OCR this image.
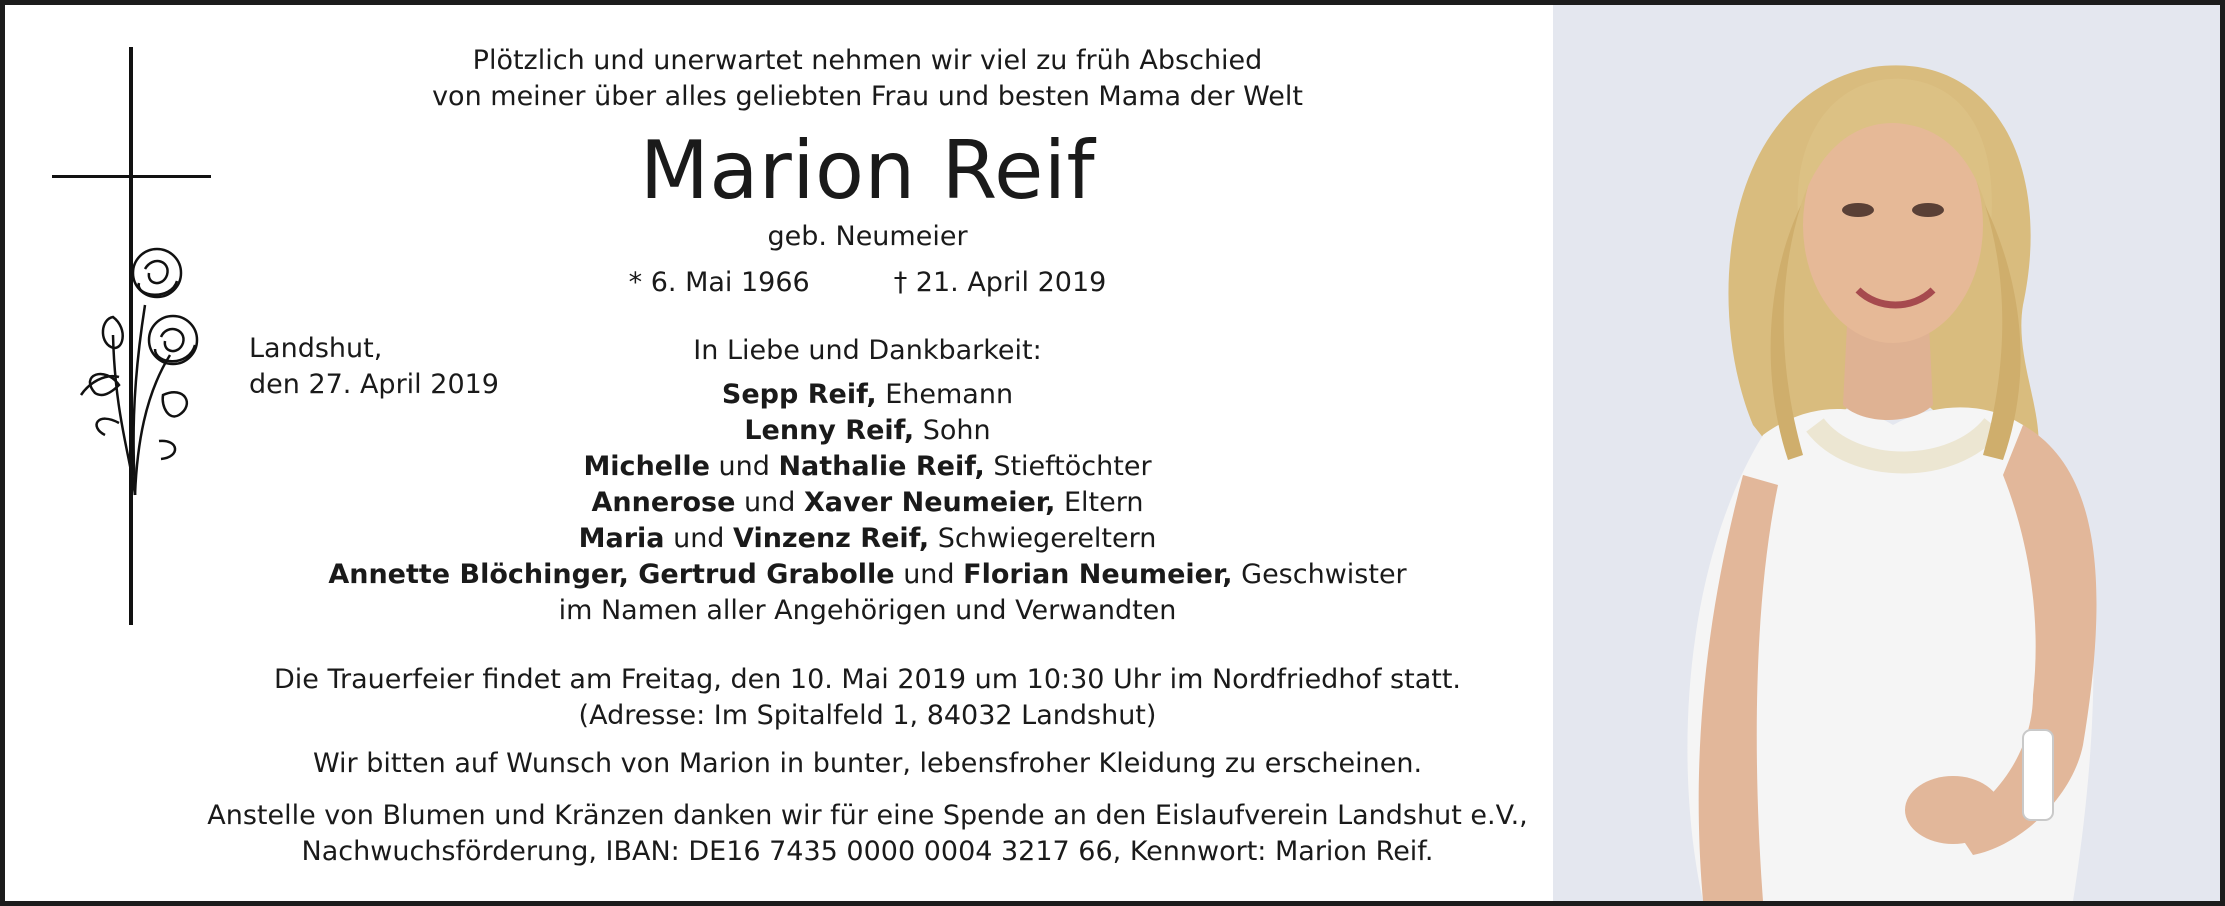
Plötzlich und unerwartet nehmen wir viel zu früh Abschied
von meiner über alles geliebten Frau und besten Mama der Welt
Marion Reif
geb. Neumeier
* 6. Mai 1966	† 21. April 2019
Landshut,
den 27. April 2019
In Liebe und Dankbarkeit:
Sepp Reif, Ehemann
Lenny Reif, Sohn
Michelle und Nathalie Reif, Stieftöchter
Annerose und Xaver Neumeier, Eltern
Maria und Vinzenz Reif, Schwiegereltern
Annette Blöchinger, Gertrud Grabolle und Florian Neumeier, Geschwister
im Namen aller Angehörigen und Verwandten
Die Trauerfeier findet am Freitag, den 10. Mai 2019 um 10:30 Uhr im Nordfriedhof statt.
(Adresse: Im Spitalfeld 1, 84032 Landshut)
Wir bitten auf Wunsch von Marion in bunter, lebensfroher Kleidung zu erscheinen.
Anstelle von Blumen und Kränzen danken wir für eine Spende an den Eislaufverein Landshut e.V.,
Nachwuchsförderung, IBAN: DE16 7435 0000 0004 3217 66, Kennwort: Marion Reif.
